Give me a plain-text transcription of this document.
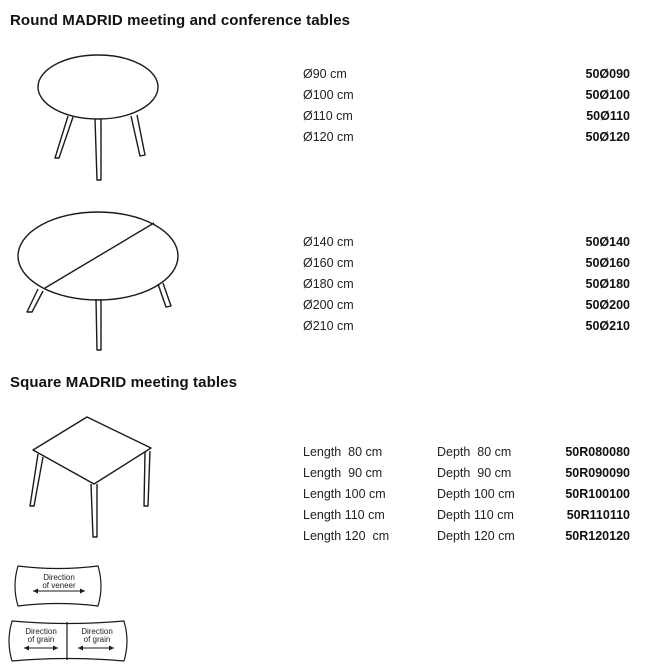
Round MADRID meeting and conference tables
Square MADRID meeting tables
Ø90 cm	50Ø090
Ø100 cm	50Ø100
Ø110 cm	50Ø110
Ø120 cm	50Ø120
Ø140 cm	50Ø140
Ø160 cm	50Ø160
Ø180 cm	50Ø180
Ø200 cm	50Ø200
Ø210 cm	50Ø210
Length  80 cm	Depth  80 cm	50R080080
Length  90 cm	Depth  90 cm	50R090090
Length 100 cm	Depth 100 cm	50R100100
Length 110 cm	Depth 110 cm	50R110110
Length 120  cm	Depth 120 cm	50R120120
Direction
of veneer
Direction
of grain
Direction
of grain
